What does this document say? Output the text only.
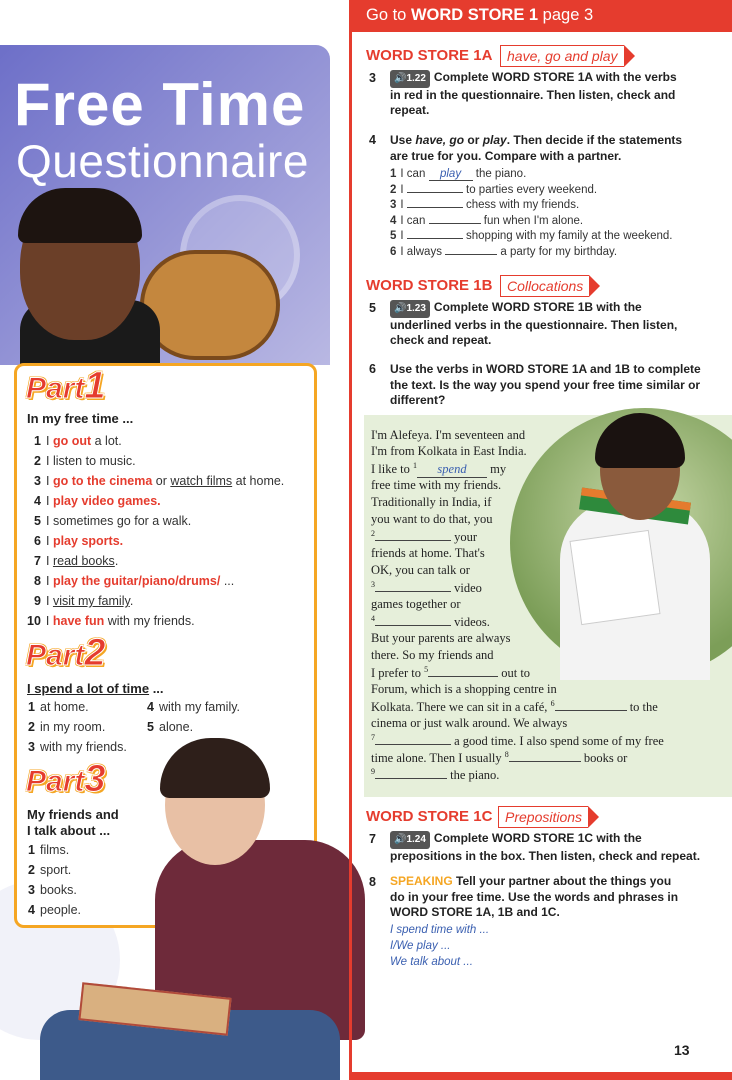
Free Time
Questionnaire
Part1
In my free time ...
1 I go out a lot.
2 I listen to music.
3 I go to the cinema or watch films at home.
4 I play video games.
5 I sometimes go for a walk.
6 I play sports.
7 I read books.
8 I play the guitar/piano/drums/ ...
9 I visit my family.
10 I have fun with my friends.
Part2
I spend a lot of time ...
1 at home.	4 with my family.
2 in my room.	5 alone.
3 with my friends.
Part3
My friends and
I talk about ...
1 films.
2 sport.
3 books.
4 people.
Go to WORD STORE 1 page 3
WORD STORE 1A	have, go and play
3	🔊1.22 Complete WORD STORE 1A with the verbs
in red in the questionnaire. Then listen, check and
repeat.
4 Use have, go or play. Then decide if the statements
are true for you. Compare with a partner.
1 I can play the piano.
2 I	to parties every weekend.
3 I	chess with my friends.
4 I can	fun when I'm alone.
5 I	shopping with my family at the weekend.
6 I always	a party for my birthday.
WORD STORE 1B	Collocations
5	🔊1.23 Complete WORD STORE 1B with the
underlined verbs in the questionnaire. Then listen,
check and repeat.
6 Use the verbs in WORD STORE 1A and 1B to complete
the text. Is the way you spend your free time similar or
different?
I'm Alefeya. I'm seventeen and
I'm from Kolkata in East India.
I like to $^1$ spend my
free time with my friends.
Traditionally in India, if
you want to do that, you
$^2$	your
friends at home. That's
OK, you can talk or
$^3$	video
games together or
$^4$	videos.
But your parents are always
there. So my friends and
I prefer to $^5$	out to
Forum, which is a shopping centre in
Kolkata. There we can sit in a café, $^6$	to the
cinema or just walk around. We always
$^7$	a good time. I also spend some of my free
time alone. Then I usually $^8$	books or
$^9$	the piano.
WORD STORE 1C Prepositions
7	🔊1.24 Complete WORD STORE 1C with the
prepositions in the box. Then listen, check and repeat.
8 SPEAKING Tell your partner about the things you
do in your free time. Use the words and phrases in
WORD STORE 1A, 1B and 1C.
I spend time with ...
I/We play ...
We talk about ...
13
